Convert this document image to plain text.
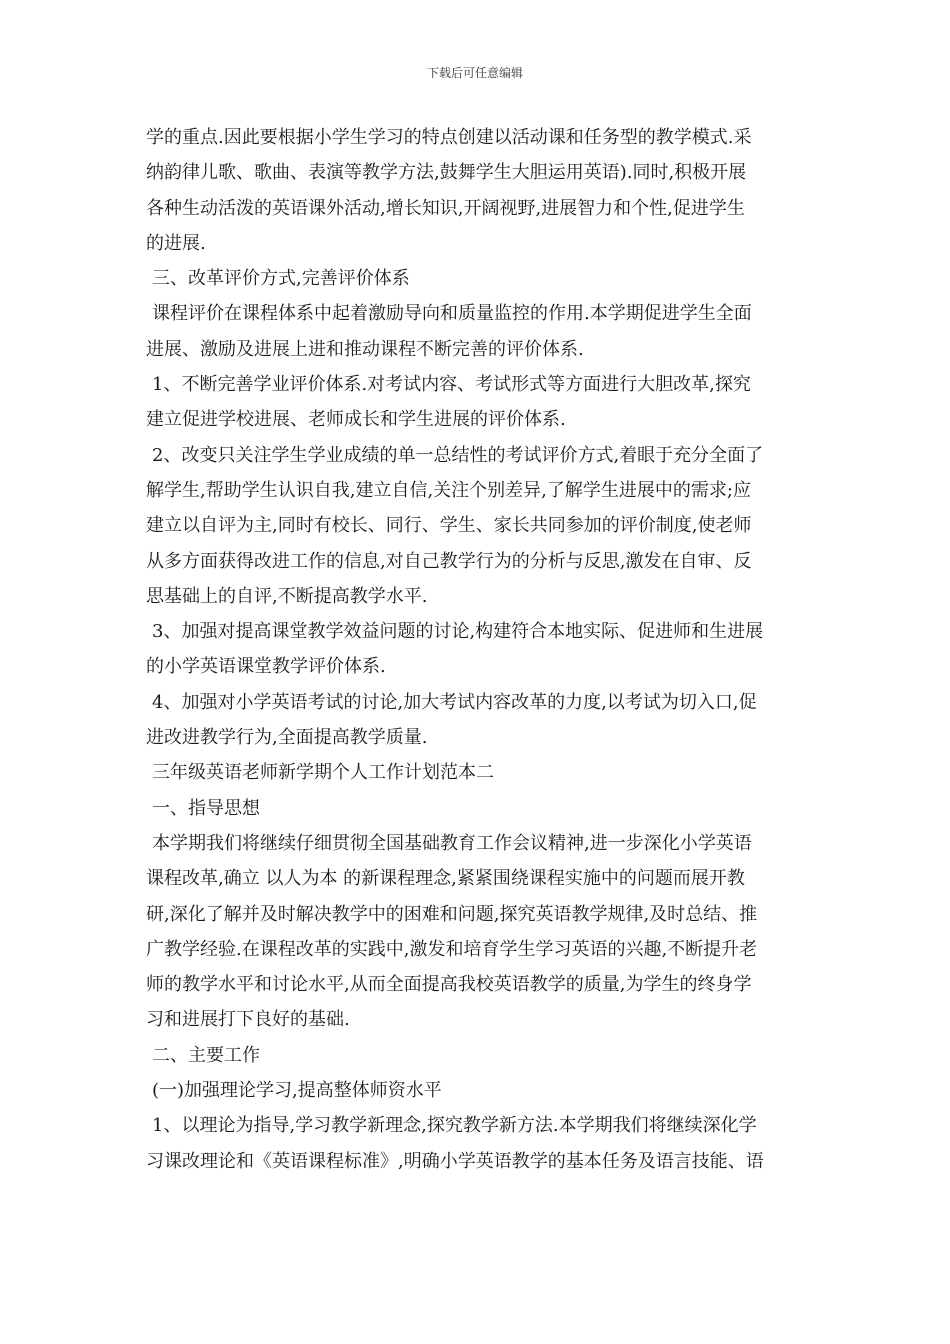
下载后可任意编辑
学的重点.因此要根据小学生学习的特点创建以活动课和任务型的教学模式.采
纳韵律儿歌、歌曲、表演等教学方法,鼓舞学生大胆运用英语).同时,积极开展
各种生动活泼的英语课外活动,增长知识,开阔视野,进展智力和个性,促进学生
的进展.
三、改革评价方式,完善评价体系
课程评价在课程体系中起着激励导向和质量监控的作用.本学期促进学生全面
进展、激励及进展上进和推动课程不断完善的评价体系.
1、不断完善学业评价体系.对考试内容、考试形式等方面进行大胆改革,探究
建立促进学校进展、老师成长和学生进展的评价体系.
2、改变只关注学生学业成绩的单一总结性的考试评价方式,着眼于充分全面了
解学生,帮助学生认识自我,建立自信,关注个别差异,了解学生进展中的需求;应
建立以自评为主,同时有校长、同行、学生、家长共同参加的评价制度,使老师
从多方面获得改进工作的信息,对自己教学行为的分析与反思,激发在自审、反
思基础上的自评,不断提高教学水平.
3、加强对提高课堂教学效益问题的讨论,构建符合本地实际、促进师和生进展
的小学英语课堂教学评价体系.
4、加强对小学英语考试的讨论,加大考试内容改革的力度,以考试为切入口,促
进改进教学行为,全面提高教学质量.
三年级英语老师新学期个人工作计划范本二
一、指导思想
本学期我们将继续仔细贯彻全国基础教育工作会议精神,进一步深化小学英语
课程改革,确立 以人为本 的新课程理念,紧紧围绕课程实施中的问题而展开教
研,深化了解并及时解决教学中的困难和问题,探究英语教学规律,及时总结、推
广教学经验.在课程改革的实践中,激发和培育学生学习英语的兴趣,不断提升老
师的教学水平和讨论水平,从而全面提高我校英语教学的质量,为学生的终身学
习和进展打下良好的基础.
二、主要工作
(一)加强理论学习,提高整体师资水平
1、以理论为指导,学习教学新理念,探究教学新方法.本学期我们将继续深化学
习课改理论和《英语课程标准》,明确小学英语教学的基本任务及语言技能、语
